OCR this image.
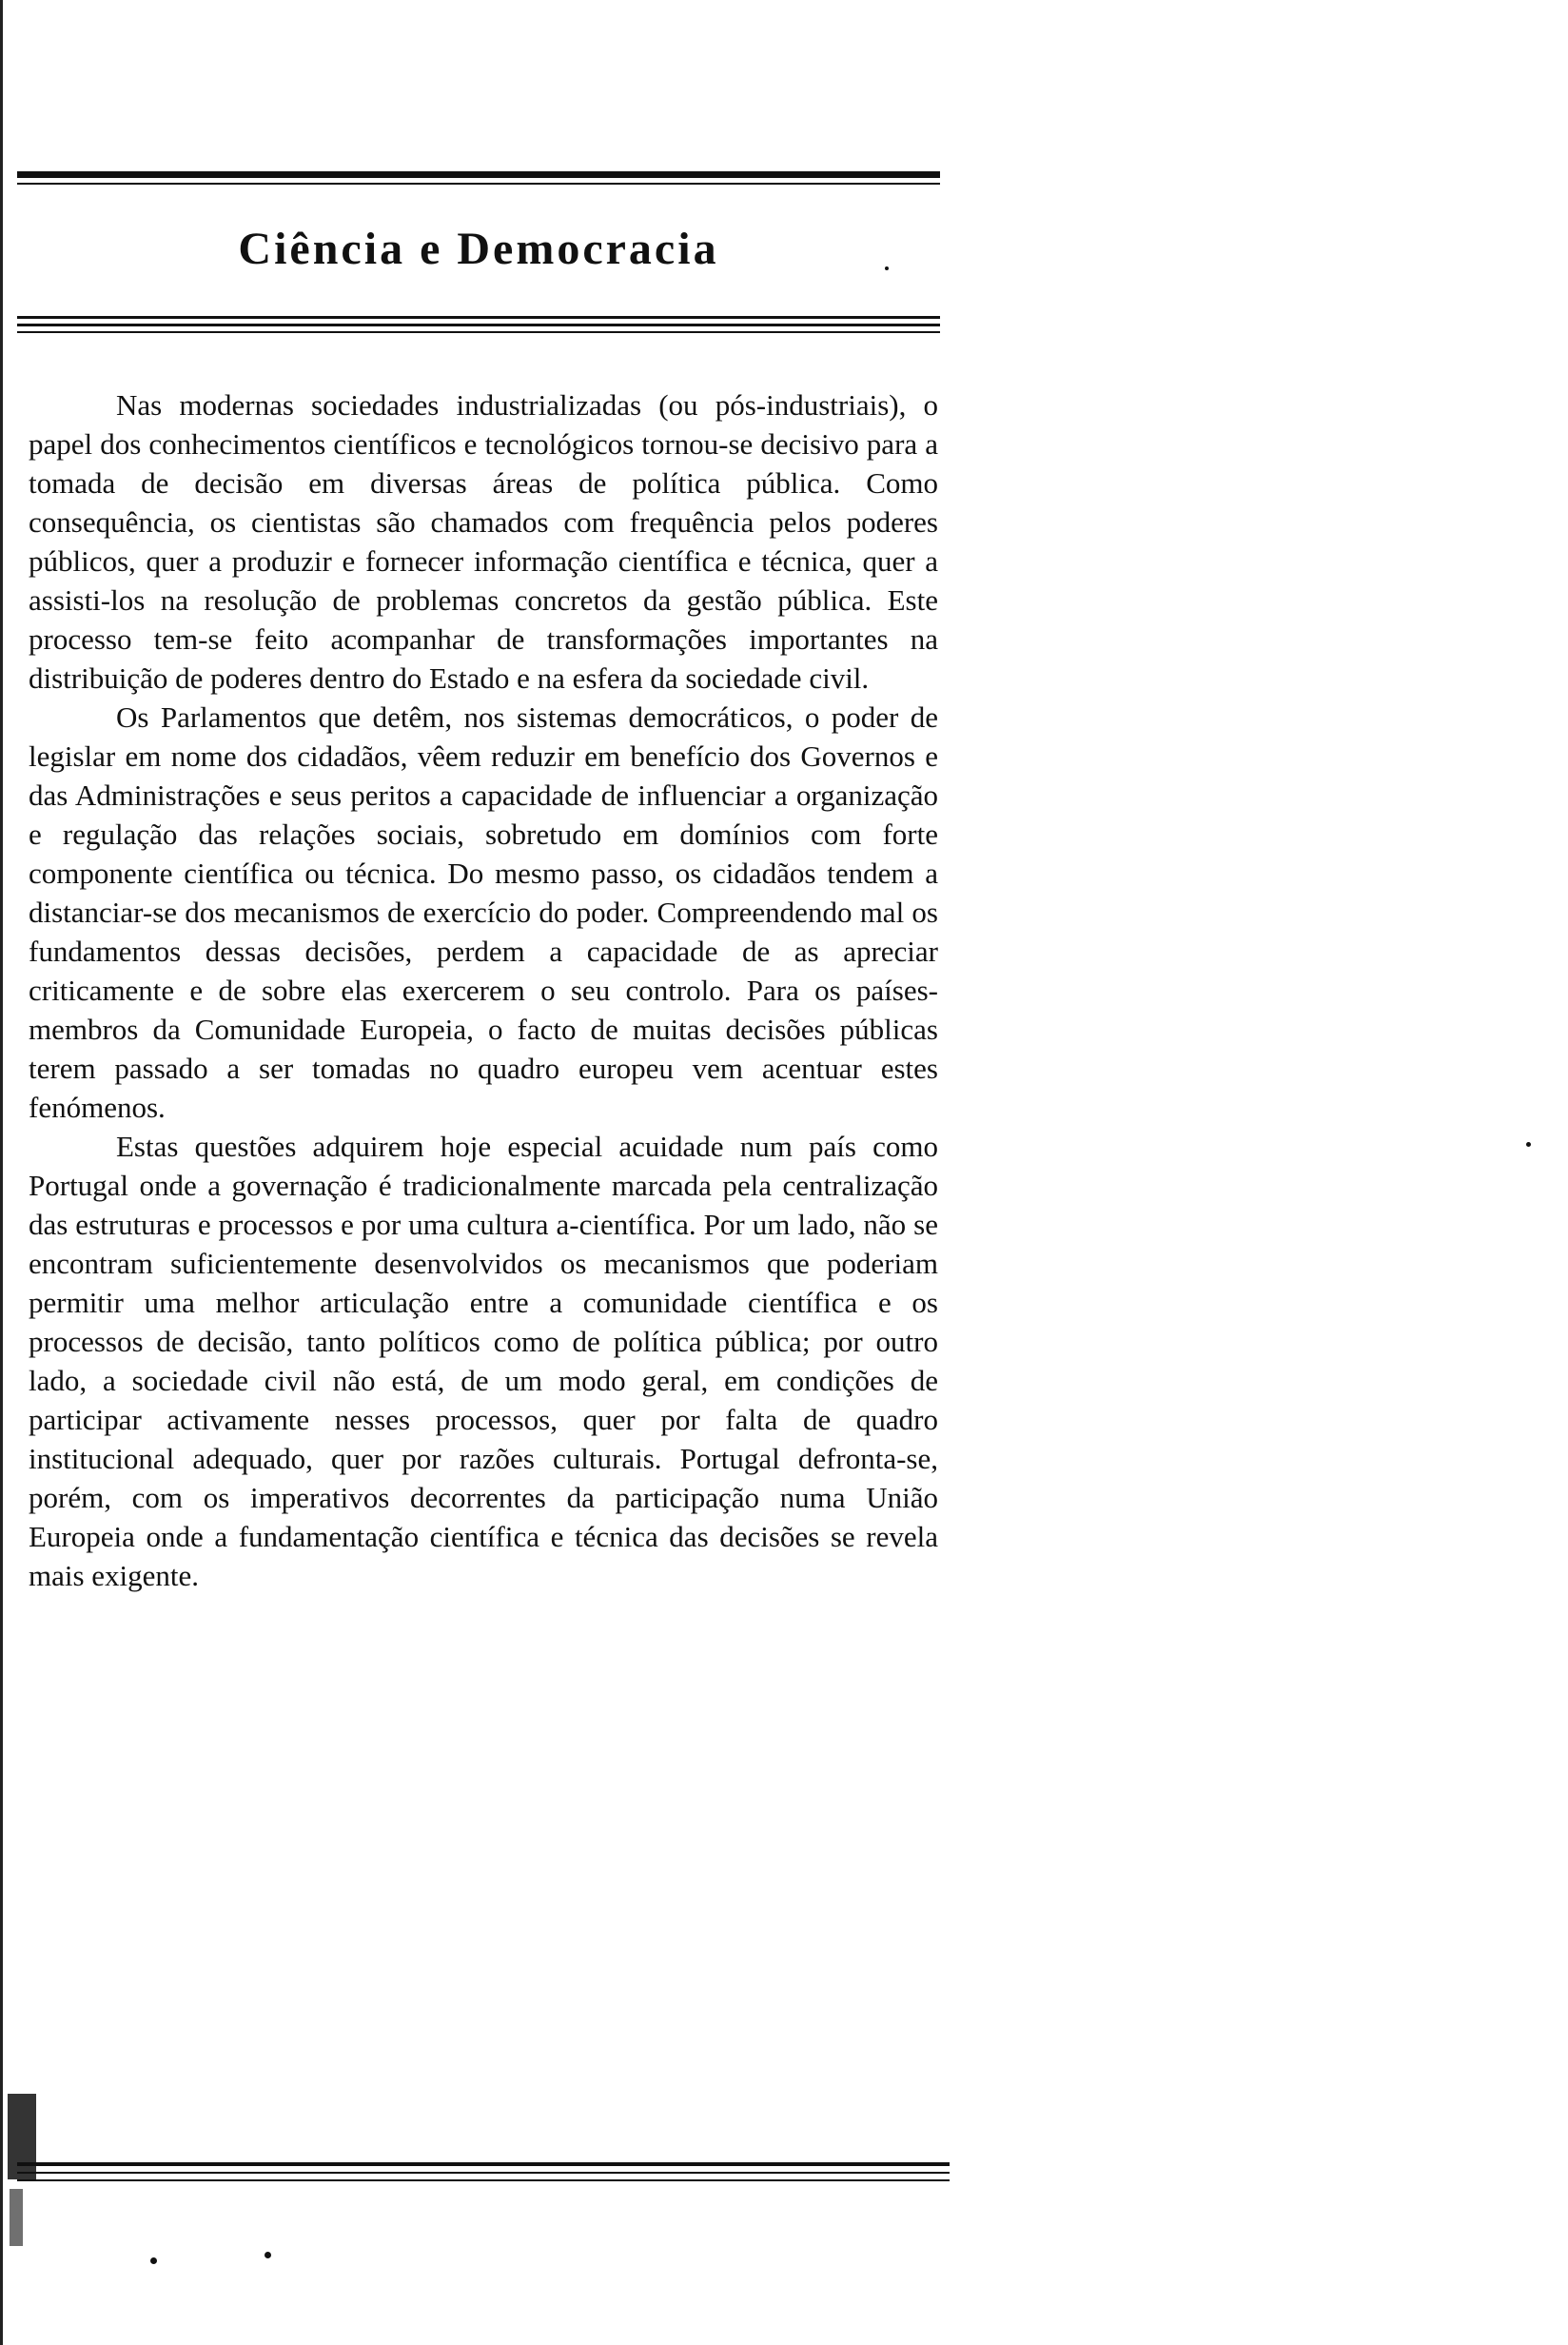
Ciência e Democracia

Nas modernas sociedades industrializadas (ou pós-industriais), o papel dos conhecimentos científicos e tecnológicos tornou-se decisivo para a tomada de decisão em diversas áreas de política pública. Como consequência, os cientistas são chamados com frequência pelos poderes públicos, quer a produzir e fornecer informação científica e técnica, quer a assisti-los na resolução de problemas concretos da gestão pública. Este processo tem-se feito acompanhar de transformações importantes na distribuição de poderes dentro do Estado e na esfera da sociedade civil.

Os Parlamentos que detêm, nos sistemas democráticos, o poder de legislar em nome dos cidadãos, vêem reduzir em benefício dos Governos e das Administrações e seus peritos a capacidade de influenciar a organização e regulação das relações sociais, sobretudo em domínios com forte componente científica ou técnica. Do mesmo passo, os cidadãos tendem a distanciar-se dos mecanismos de exercício do poder. Compreendendo mal os fundamentos dessas decisões, perdem a capacidade de as apreciar criticamente e de sobre elas exercerem o seu controlo. Para os países-membros da Comunidade Europeia, o facto de muitas decisões públicas terem passado a ser tomadas no quadro europeu vem acentuar estes fenómenos.

Estas questões adquirem hoje especial acuidade num país como Portugal onde a governação é tradicionalmente marcada pela centralização das estruturas e processos e por uma cultura a-científica. Por um lado, não se encontram suficientemente desenvolvidos os mecanismos que poderiam permitir uma melhor articulação entre a comunidade científica e os processos de decisão, tanto políticos como de política pública; por outro lado, a sociedade civil não está, de um modo geral, em condições de participar activamente nesses processos, quer por falta de quadro institucional adequado, quer por razões culturais. Portugal defronta-se, porém, com os imperativos decorrentes da participação numa União Europeia onde a fundamentação científica e técnica das decisões se revela mais exigente.
